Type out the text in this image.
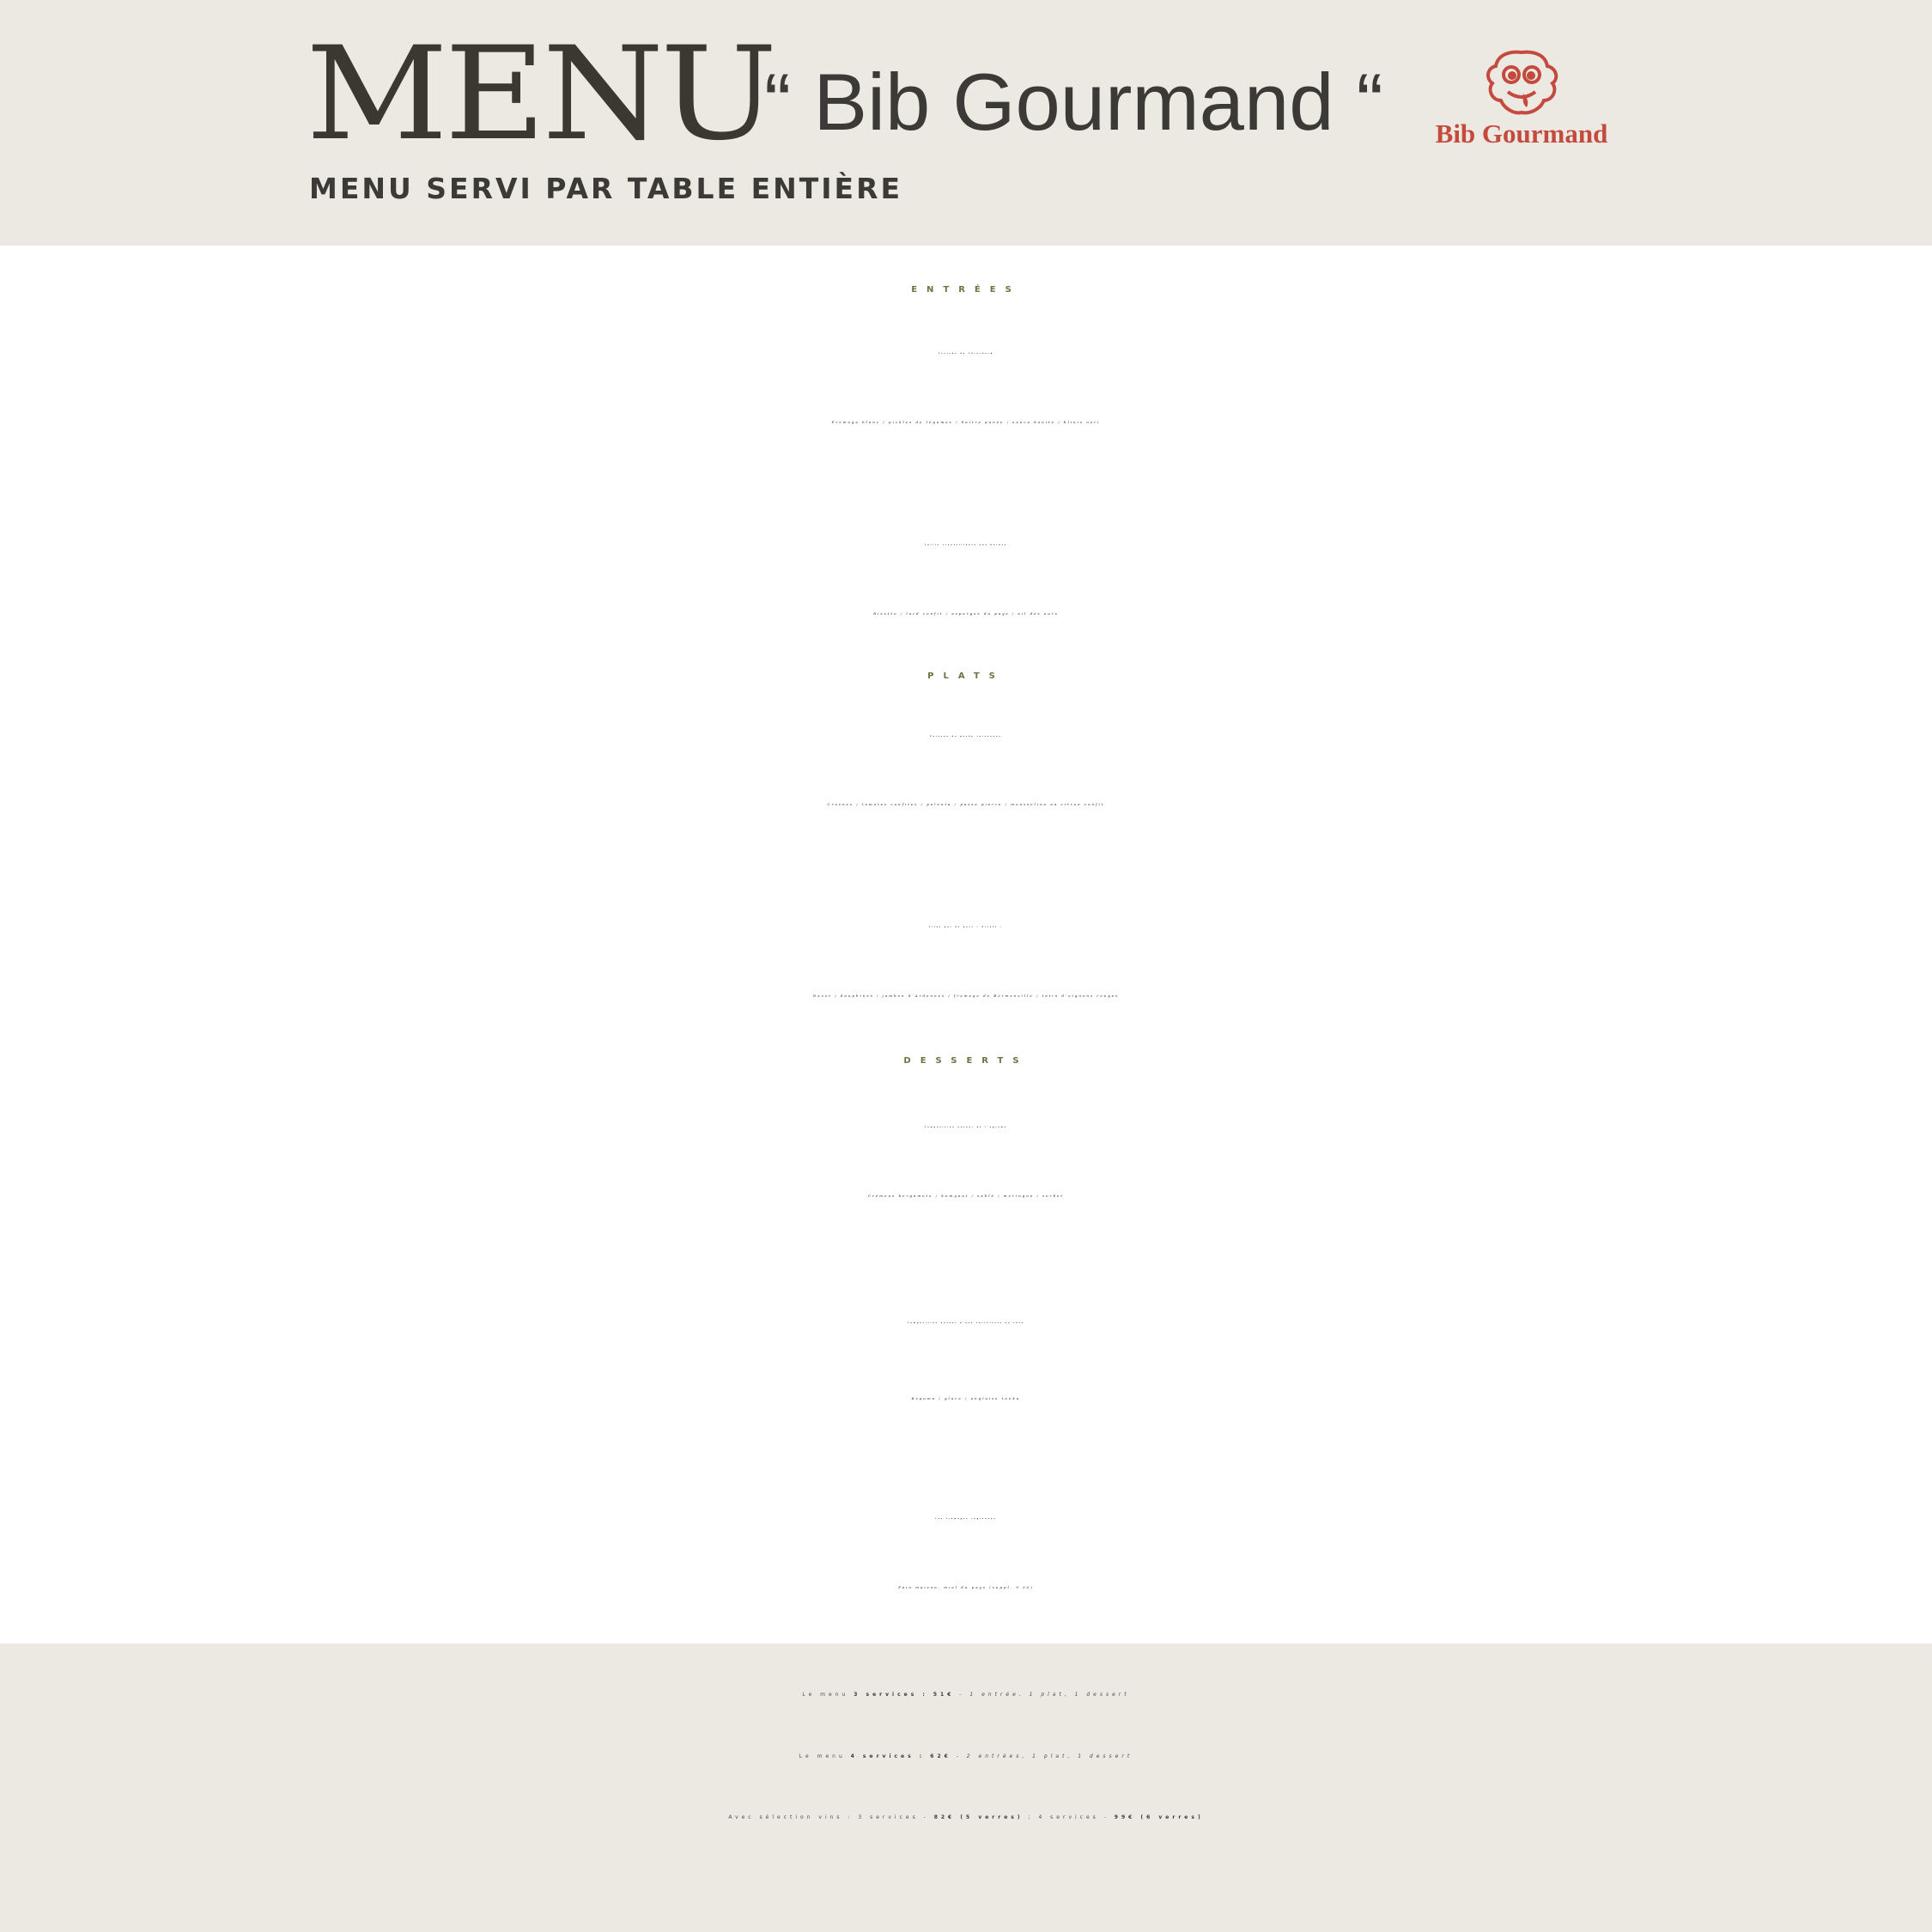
MENU
“ Bib Gourmand “
MENU SERVI PAR TABLE ENTIÈRE
Bib Gourmand
ENTRÉES
Ceviche de Chinchard
Fromage blanc / pickles de légumes / huitre panée / sauce bonite / blinis nori
Caille croustillante aux herbes
Risotto / lard confit / asperges du pays / ail des ours
PLATS
Poisson de pèche raisonnée
Crosnes / tomates confites / polenta / passe pierre / mousseline au citron confit
Filet pur de porc « Orloff »
Navet / dauphines / jambon d’Ardennes / fromage de Bormenville / tatin d’oignons rouges
DESSERTS
Composition autour de l’agrume
Crémeux bergamote / kumquat / sablé / meringue / sorbet
Composition autour d’une tartelette au café
Espuma / glace / anglaise tonka
Les fromages régionaux
Pain maison, miel du pays (suppl. 9.00)
Le menu 3 services : 51€ - 1 entrée, 1 plat, 1 dessert
Le menu 4 services : 62€ - 2 entrées, 1 plat, 1 dessert
Avec sélection vins : 3 services - 82€ (5 verres) ; 4 services - 99€ (6 verres)
